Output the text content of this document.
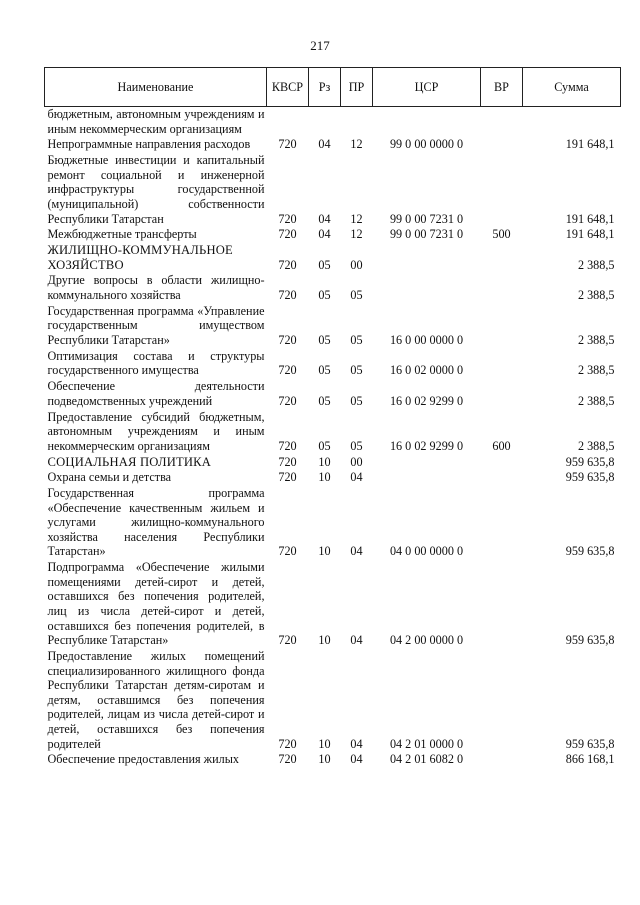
217
Наименование	КВСР	Рз	ПР	ЦСР	ВР	Сумма
бюджетным, автономным учреждениям и иным некоммерческим организациям						
Непрограммные направления расходов	720	04	12	99 0 00 0000 0		191 648,1
Бюджетные инвестиции и капитальный ремонт социальной и инженерной инфраструктуры государственной (муниципальной) собственности Республики Татарстан	720	04	12	99 0 00 7231 0		191 648,1
Межбюджетные трансферты	720	04	12	99 0 00 7231 0	500	191 648,1
ЖИЛИЩНО-КОММУНАЛЬНОЕ ХОЗЯЙСТВО	720	05	00			2 388,5
Другие вопросы в области жилищно-коммунального хозяйства	720	05	05			2 388,5
Государственная программа «Управление государственным имуществом Республики Татарстан»	720	05	05	16 0 00 0000 0		2 388,5
Оптимизация состава и структуры государственного имущества	720	05	05	16 0 02 0000 0		2 388,5
Обеспечение деятельности подведомственных учреждений	720	05	05	16 0 02 9299 0		2 388,5
Предоставление субсидий бюджетным, автономным учреждениям и иным некоммерческим организациям	720	05	05	16 0 02 9299 0	600	2 388,5
СОЦИАЛЬНАЯ ПОЛИТИКА	720	10	00			959 635,8
Охрана семьи и детства	720	10	04			959 635,8
Государственная программа «Обеспечение качественным жильем и услугами жилищно-коммунального хозяйства населения Республики Татарстан»	720	10	04	04 0 00 0000 0		959 635,8
Подпрограмма «Обеспечение жилыми помещениями детей-сирот и детей, оставшихся без попечения родителей, лиц из числа детей-сирот и детей, оставшихся без попечения родителей, в Республике Татарстан»	720	10	04	04 2 00 0000 0		959 635,8
Предоставление жилых помещений специализированного жилищного фонда Республики Татарстан детям-сиротам и детям, оставшимся без попечения родителей, лицам из числа детей-сирот и детей, оставшихся без попечения родителей	720	10	04	04 2 01 0000 0		959 635,8
Обеспечение предоставления жилых	720	10	04	04 2 01 6082 0		866 168,1
